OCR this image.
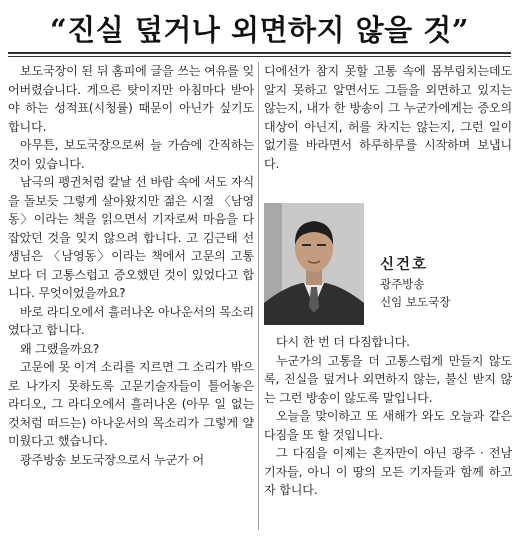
“진실 덮거나 외면하지 않을 것”

보도국장이 된 뒤 홈피에 글을 쓰는 여유를 잊어버렸습니다. 게으른 탓이지만 아침마다 받아야 하는 성적표(시청률) 때문이 아닌가 싶기도 합니다.

아무튼, 보도국장으로써 늘 가슴에 간직하는 것이 있습니다.

남극의 펭귄처럼 칼날 선 바람 속에 서도 자식을 돌보듯 그렇게 살아왔지만 젊은 시절 〈남영동〉이라는 책을 읽으면서 기자로써 마음을 다잡았던 것을 잊지 않으려 합니다. 고 김근태 선생님은 〈남영동〉이라는 책에서 고문의 고통보다 더 고통스럽고 증오했던 것이 있었다고 합니다. 무엇이었을까요?

바로 라디오에서 흘러나온 아나운서의 목소리였다고 합니다.

왜 그랬을까요?

고문에 못 이겨 소리를 지르면 그 소리가 밖으로 나가지 못하도록 고문기술자들이 틀어놓은 라디오, 그 라디오에서 흘러나온 (아무 일 없는 것처럼 떠드는) 아나운서의 목소리가 그렇게 얄미웠다고 했습니다.

광주방송 보도국장으로서 누군가 어

디에선가 참지 못할 고통 속에 몸부림치는데도 알지 못하고 알면서도 그들을 외면하고 있지는 않는지, 내가 한 방송이 그 누군가에게는 증오의 대상이 아닌지, 허를 차지는 않는지, 그런 일이 없기를 바라면서 하루하루를 시작하며 보냅니다.

신건호
광주방송
신임 보도국장

다시 한 번 더 다짐합니다.

누군가의 고통을 더 고통스럽게 만들지 않도록, 진실을 덮거나 외면하지 않는, 불신 받지 않는 그런 방송이 않도록 말입니다.

오늘을 맞이하고 또 새해가 와도 오늘과 같은 다짐을 또 할 것입니다.

그 다짐을 이제는 혼자만이 아닌 광주 · 전남 기자들, 아니 이 땅의 모든 기자들과 함께 하고자 합니다.
